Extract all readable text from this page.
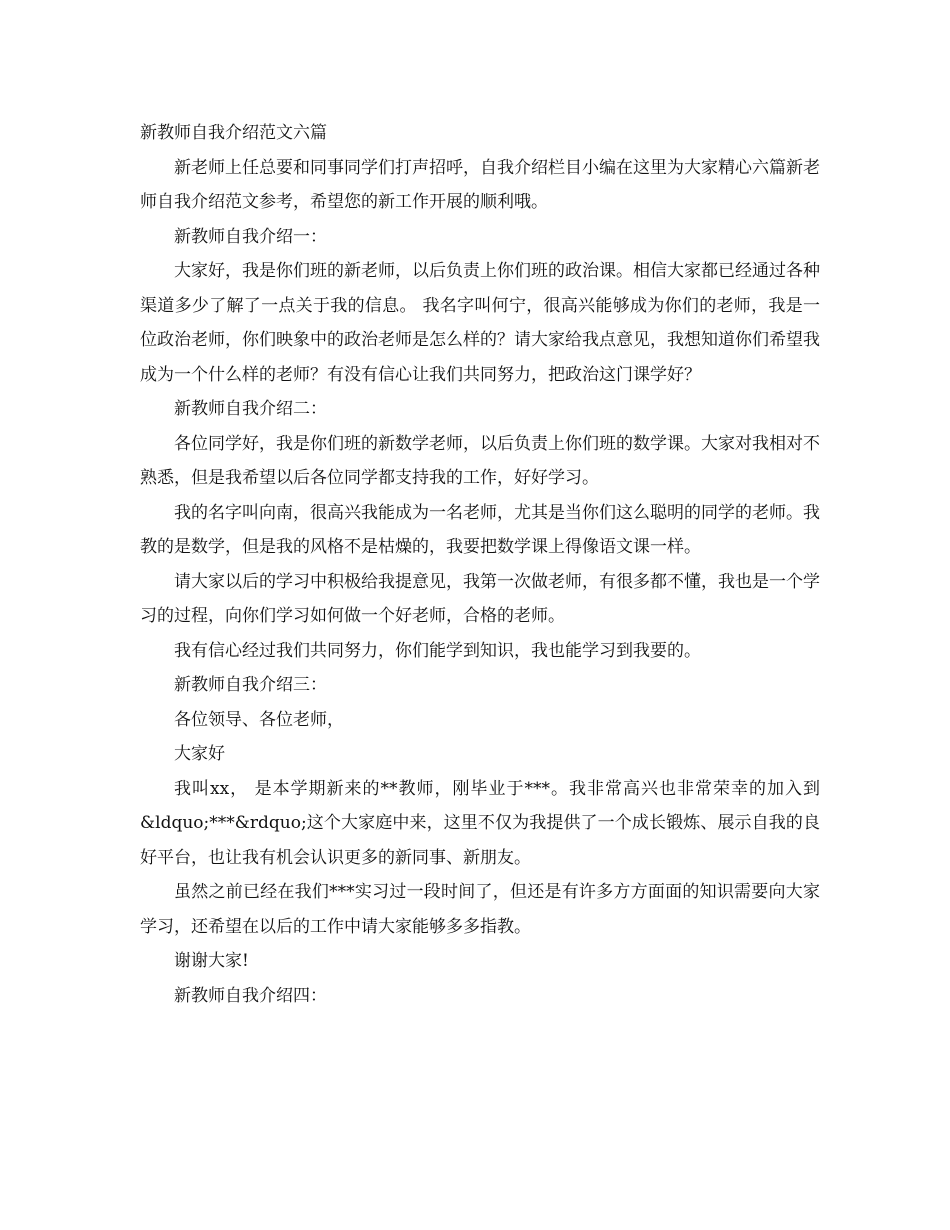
新教师自我介绍范文六篇

新老师上任总要和同事同学们打声招呼，自我介绍栏目小编在这里为大家精心六篇新老师自我介绍范文参考，希望您的新工作开展的顺利哦。

新教师自我介绍一：

大家好，我是你们班的新老师，以后负责上你们班的政治课。相信大家都已经通过各种渠道多少了解了一点关于我的信息。 我名字叫何宁，很高兴能够成为你们的老师，我是一位政治老师，你们映象中的政治老师是怎么样的？请大家给我点意见，我想知道你们希望我成为一个什么样的老师？有没有信心让我们共同努力，把政治这门课学好？

新教师自我介绍二：

各位同学好，我是你们班的新数学老师，以后负责上你们班的数学课。大家对我相对不熟悉，但是我希望以后各位同学都支持我的工作，好好学习。

我的名字叫向南，很高兴我能成为一名老师，尤其是当你们这么聪明的同学的老师。我教的是数学，但是我的风格不是枯燥的，我要把数学课上得像语文课一样。

请大家以后的学习中积极给我提意见，我第一次做老师，有很多都不懂，我也是一个学习的过程，向你们学习如何做一个好老师，合格的老师。

我有信心经过我们共同努力，你们能学到知识，我也能学习到我要的。

新教师自我介绍三：

各位领导、各位老师，

大家好

我叫xx， 是本学期新来的**教师，刚毕业于***。我非常高兴也非常荣幸的加入到&ldquo;***&rdquo;这个大家庭中来，这里不仅为我提供了一个成长锻炼、展示自我的良好平台，也让我有机会认识更多的新同事、新朋友。

虽然之前已经在我们***实习过一段时间了，但还是有许多方方面面的知识需要向大家学习，还希望在以后的工作中请大家能够多多指教。

谢谢大家!

新教师自我介绍四：
